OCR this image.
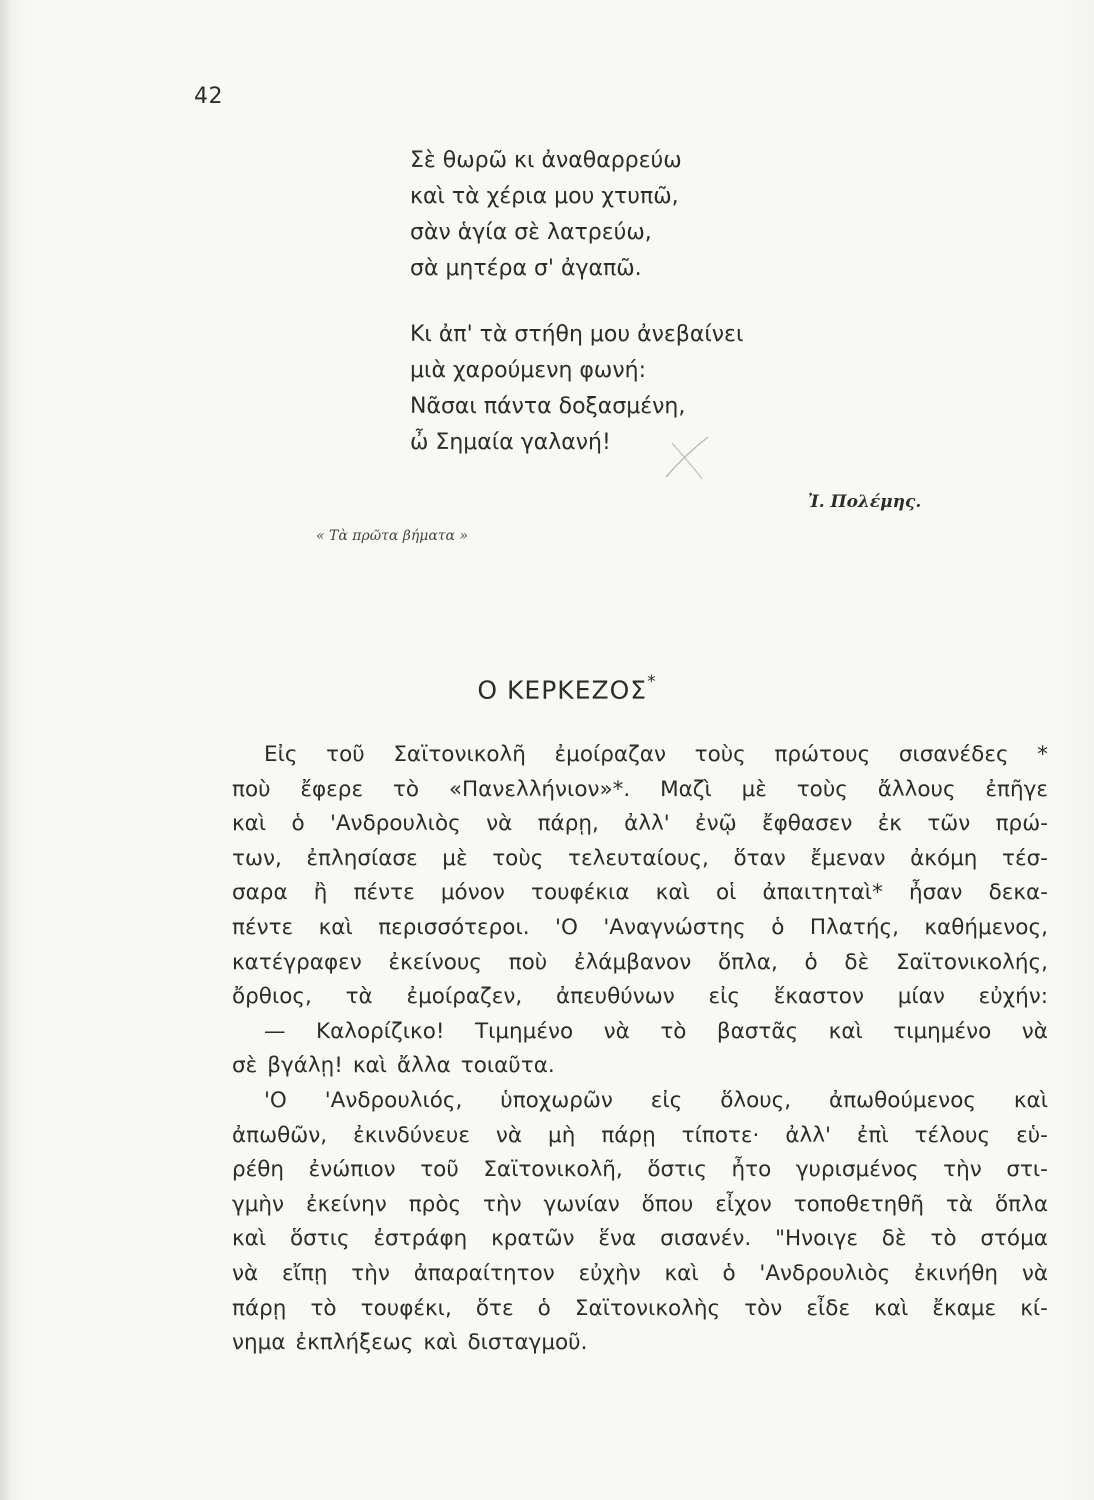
42
Σὲ θωρῶ κι ἀναθαρρεύω
καὶ τὰ χέρια μου χτυπῶ,
σὰν ἁγία σὲ λατρεύω,
σὰ μητέρα σ' ἀγαπῶ.
Κι ἀπ' τὰ στήθη μου ἀνεβαίνει
μιὰ χαρούμενη φωνή:
Νᾶσαι πάντα δοξασμένη,
ὦ Σημαία γαλανή!
Ἰ. Πολέμης.
« Τὰ πρῶτα βήματα »
Ο ΚΕΡΚΕΖΟΣ*
Εἰς τοῦ Σαϊτονικολῆ ἐμοίραζαν τοὺς πρώτους σισανέδες *
ποὺ ἔφερε τὸ «Πανελλήνιον»*. Μαζὶ μὲ τοὺς ἄλλους ἐπῆγε
καὶ ὁ 'Ανδρουλιὸς νὰ πάρῃ, ἀλλ' ἐνῷ ἔφθασεν ἐκ τῶν πρώ-
των, ἐπλησίασε μὲ τοὺς τελευταίους, ὅταν ἔμεναν ἀκόμη τέσ-
σαρα ἢ πέντε μόνον τουφέκια καὶ οἱ ἀπαιτηταὶ* ἦσαν δεκα-
πέντε καὶ περισσότεροι. 'Ο 'Αναγνώστης ὁ Πλατής, καθήμενος,
κατέγραφεν ἐκείνους ποὺ ἐλάμβανον ὅπλα, ὁ δὲ Σαϊτονικολής,
ὄρθιος, τὰ ἐμοίραζεν, ἀπευθύνων εἰς ἕκαστον μίαν εὐχήν:
— Καλορίζικο! Τιμημένο νὰ τὸ βαστᾶς καὶ τιμημένο νὰ
σὲ βγάλῃ! καὶ ἄλλα τοιαῦτα.
'Ο 'Ανδρουλιός, ὑποχωρῶν εἰς ὅλους, ἀπωθούμενος καὶ
ἀπωθῶν, ἐκινδύνευε νὰ μὴ πάρῃ τίποτε· ἀλλ' ἐπὶ τέλους εὑ-
ρέθη ἐνώπιον τοῦ Σαϊτονικολῆ, ὅστις ἦτο γυρισμένος τὴν στι-
γμὴν ἐκείνην πρὸς τὴν γωνίαν ὅπου εἶχον τοποθετηθῆ τὰ ὅπλα
καὶ ὅστις ἐστράφη κρατῶν ἕνα σισανέν. "Ηνοιγε δὲ τὸ στόμα
νὰ εἴπῃ τὴν ἀπαραίτητον εὐχὴν καὶ ὁ 'Ανδρουλιὸς ἐκινήθη νὰ
πάρῃ τὸ τουφέκι, ὅτε ὁ Σαϊτονικολὴς τὸν εἶδε καὶ ἔκαμε κί-
νημα ἐκπλήξεως καὶ δισταγμοῦ.
